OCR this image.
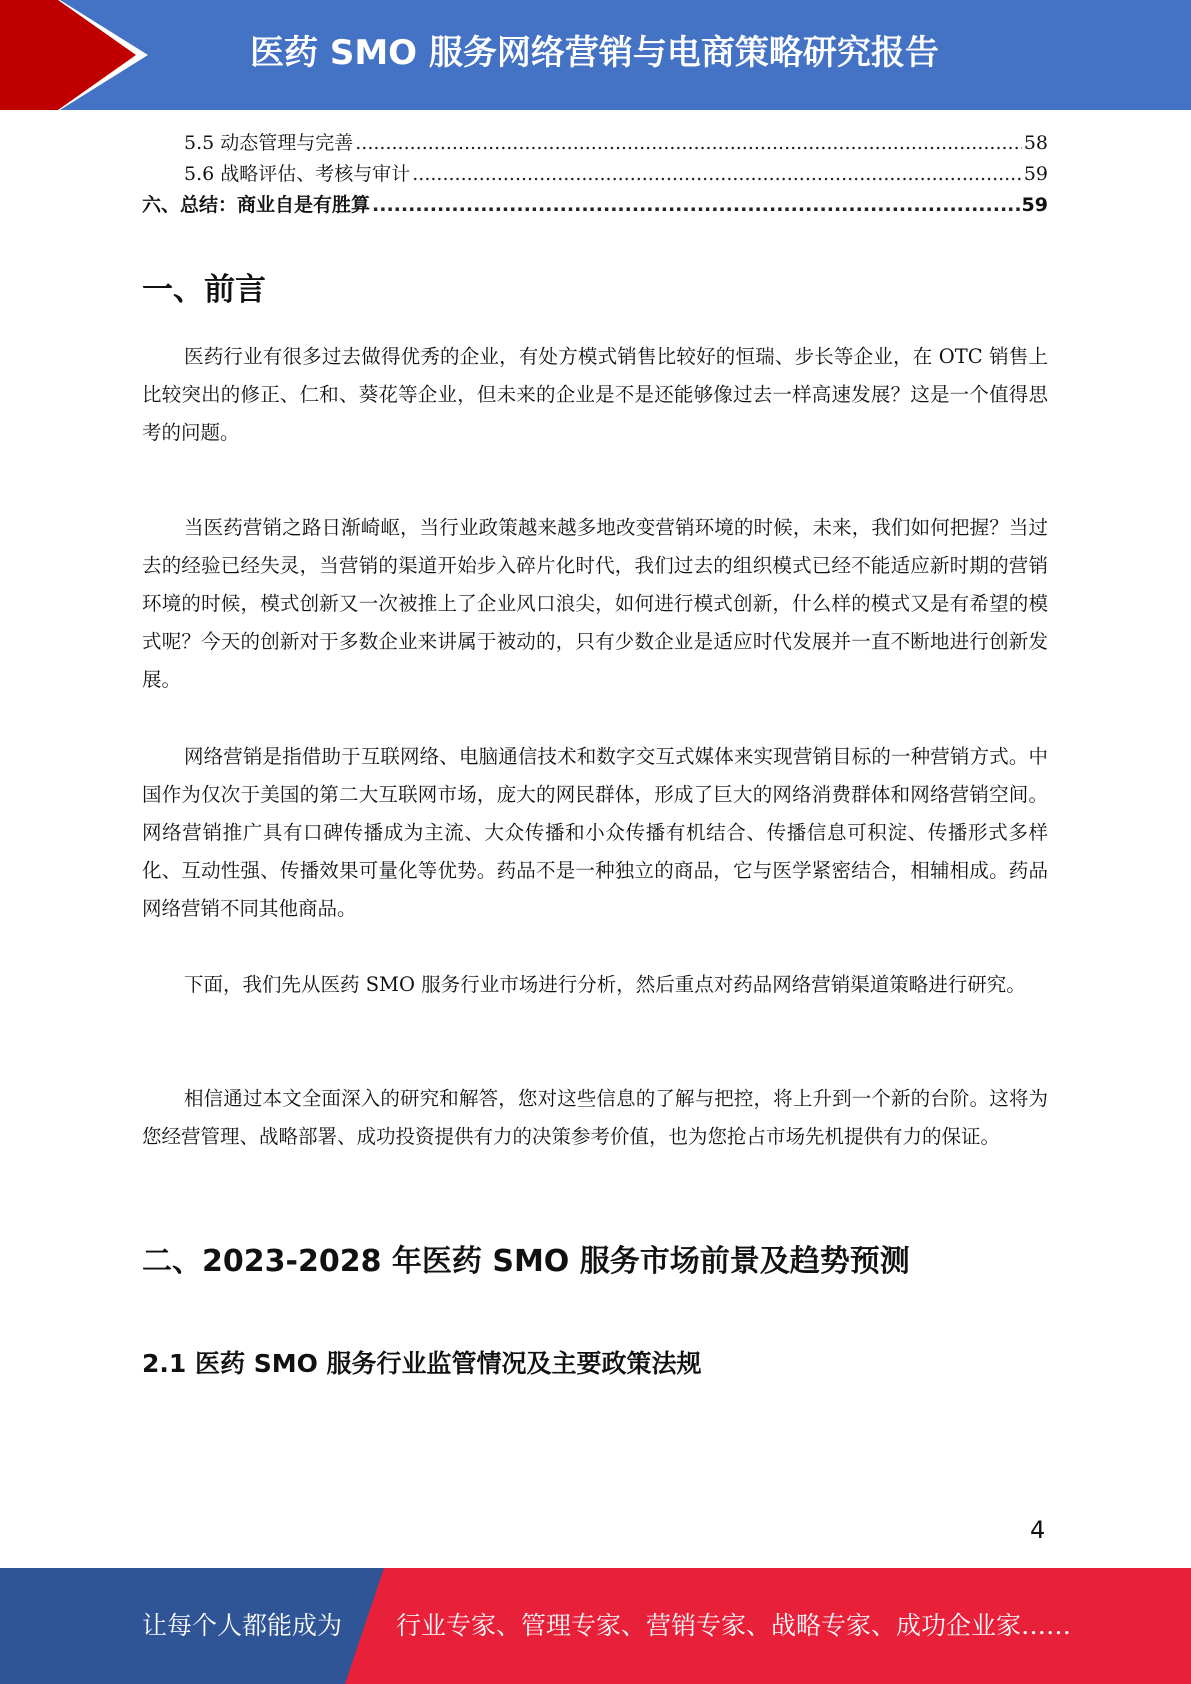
医药 SMO 服务网络营销与电商策略研究报告
5.5 动态管理与完善 .....	58
5.6 战略评估、考核与审计 .....	59
六、总结：商业自是有胜算 .....	59
一、前言

医药行业有很多过去做得优秀的企业，有处方模式销售比较好的恒瑞、步长等企业，在 OTC 销售上比较突出的修正、仁和、葵花等企业，但未来的企业是不是还能够像过去一样高速发展？这是一个值得思考的问题。

当医药营销之路日渐崎岖，当行业政策越来越多地改变营销环境的时候，未来，我们如何把握？当过去的经验已经失灵，当营销的渠道开始步入碎片化时代，我们过去的组织模式已经不能适应新时期的营销环境的时候，模式创新又一次被推上了企业风口浪尖，如何进行模式创新，什么样的模式又是有希望的模式呢？今天的创新对于多数企业来讲属于被动的，只有少数企业是适应时代发展并一直不断地进行创新发展。

网络营销是指借助于互联网络、电脑通信技术和数字交互式媒体来实现营销目标的一种营销方式。中国作为仅次于美国的第二大互联网市场，庞大的网民群体，形成了巨大的网络消费群体和网络营销空间。网络营销推广具有口碑传播成为主流、大众传播和小众传播有机结合、传播信息可积淀、传播形式多样化、互动性强、传播效果可量化等优势。药品不是一种独立的商品，它与医学紧密结合，相辅相成。药品网络营销不同其他商品。

下面，我们先从医药 SMO 服务行业市场进行分析，然后重点对药品网络营销渠道策略进行研究。

相信通过本文全面深入的研究和解答，您对这些信息的了解与把控，将上升到一个新的台阶。这将为您经营管理、战略部署、成功投资提供有力的决策参考价值，也为您抢占市场先机提供有力的保证。

二、2023-2028 年医药 SMO 服务市场前景及趋势预测
2.1 医药 SMO 服务行业监管情况及主要政策法规
4
让每个人都能成为 行业专家、管理专家、营销专家、战略专家、成功企业家……
